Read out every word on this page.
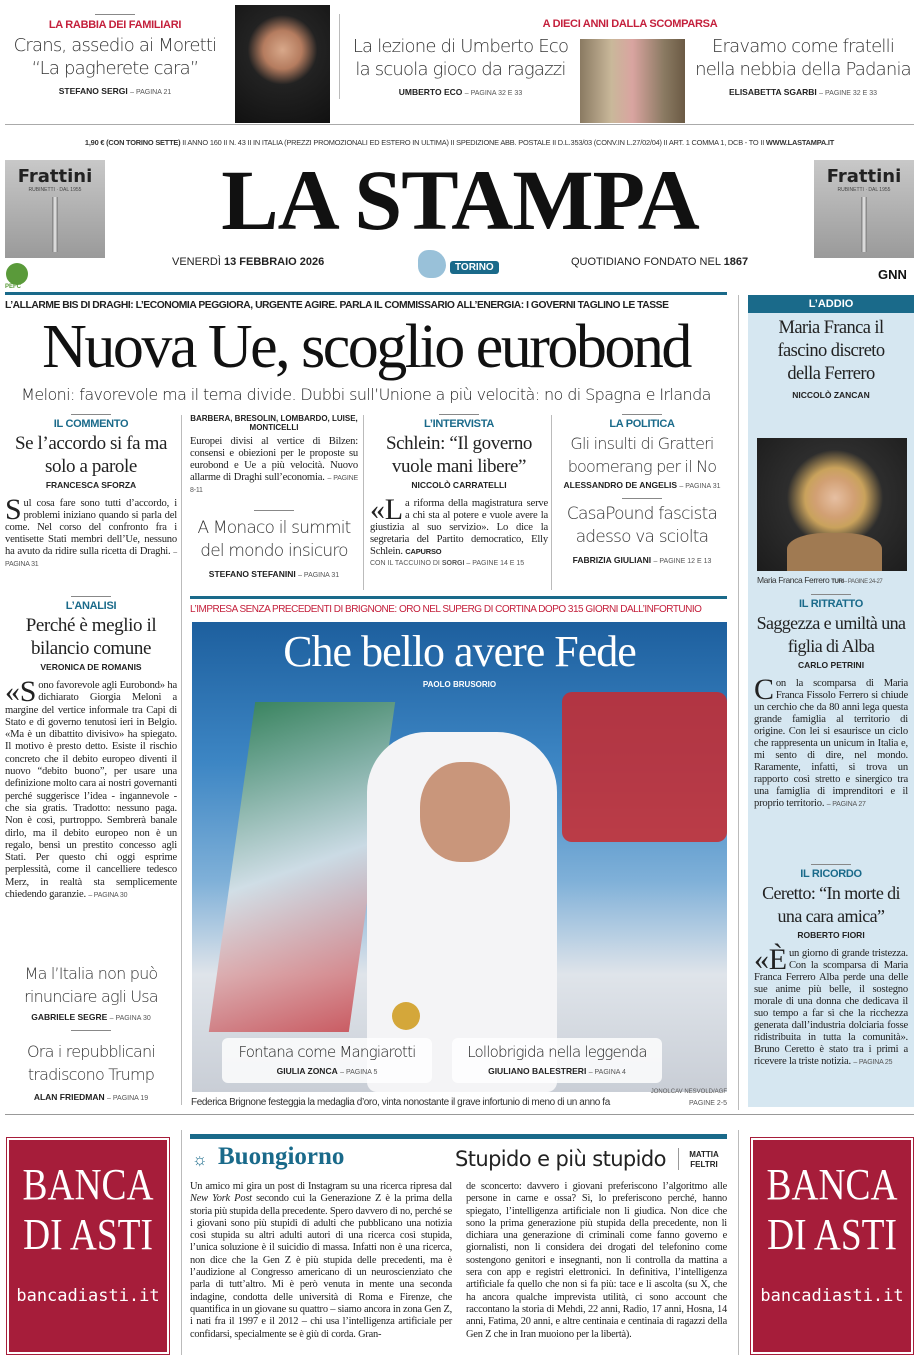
LA RABBIA DEI FAMILIARI
Crans, assedio ai Moretti
“La pagherete cara”
STEFANO SERGI – PAGINA 21
A DIECI ANNI DALLA SCOMPARSA
La lezione di Umberto Eco
la scuola gioco da ragazzi
UMBERTO ECO – PAGINA 32 E 33
Eravamo come fratelli
nella nebbia della Padania
ELISABETTA SGARBI – PAGINE 32 E 33
1,90 € (CON TORINO SETTE) II ANNO 160 II N. 43 II IN ITALIA (PREZZI PROMOZIONALI ED ESTERO IN ULTIMA) II SPEDIZIONE ABB. POSTALE II D.L.353/03 (CONV.IN L.27/02/04) II ART. 1 COMMA 1, DCB - TO II WWW.LASTAMPA.IT
Frattini
RUBINETTI · DAL 1955
Frattini
RUBINETTI · DAL 1955
LA STAMPA
VENERDÌ 13 FEBBRAIO 2026	TORINO	QUOTIDIANO FONDATO NEL 1867
PEFC
GNN
L’ALLARME BIS DI DRAGHI: L’ECONOMIA PEGGIORA, URGENTE AGIRE. PARLA IL COMMISSARIO ALL’ENERGIA: I GOVERNI TAGLINO LE TASSE
Nuova Ue, scoglio eurobond
Meloni: favorevole ma il tema divide. Dubbi sull’Unione a più velocità: no di Spagna e Irlanda
IL COMMENTO
Se l’accordo si fa ma solo a parole
FRANCESCA SFORZA
Sul cosa fare sono tutti d’accordo, i problemi iniziano quando si parla del come. Nel corso del confronto fra i ventisette Stati membri dell’Ue, nessuno ha avuto da ridire sulla ricetta di Draghi. – PAGINA 31
BARBERA, BRESOLIN, LOMBARDO, LUISE, MONTICELLI
Europei divisi al vertice di Bilzen: consensi e obiezioni per le proposte su eurobond e Ue a più velocità. Nuovo allarme di Draghi sull’economia. – PAGINE 8-11
A Monaco il summit del mondo insicuro
STEFANO STEFANINI – PAGINA 31
L’INTERVISTA
Schlein: “Il governo vuole mani libere”
NICCOLÒ CARRATELLI
«La riforma della magistratura serve a chi sta al potere e vuole avere la giustizia al suo servizio». Lo dice la segretaria del Partito democratico, Elly Schlein. CAPURSO
CON IL TACCUINO DI SORGI – PAGINE 14 E 15
LA POLITICA
Gli insulti di Gratteri boomerang per il No
ALESSANDRO DE ANGELIS – PAGINA 31
CasaPound fascista adesso va sciolta
FABRIZIA GIULIANI – PAGINE 12 E 13
L’ANALISI
Perché è meglio il bilancio comune
VERONICA DE ROMANIS
«Sono favorevole agli Eurobond» ha dichiarato Giorgia Meloni a margine del vertice informale tra Capi di Stato e di governo tenutosi ieri in Belgio. «Ma è un dibattito divisivo» ha spiegato. Il motivo è presto detto. Esiste il rischio concreto che il debito europeo diventi il nuovo “debito buono”, per usare una definizione molto cara ai nostri governanti perché suggerisce l’idea - ingannevole - che sia gratis. Tradotto: nessuno paga. Non è così, purtroppo. Sembrerà banale dirlo, ma il debito europeo non è un regalo, bensì un prestito concesso agli Stati. Per questo chi oggi esprime perplessità, come il cancelliere tedesco Merz, in realtà sta semplicemente chiedendo garanzie. – PAGINA 30
Ma l’Italia non può rinunciare agli Usa
GABRIELE SEGRE – PAGINA 30
Ora i repubblicani tradiscono Trump
ALAN FRIEDMAN – PAGINA 19
L’IMPRESA SENZA PRECEDENTI DI BRIGNONE: ORO NEL SUPERG DI CORTINA DOPO 315 GIORNI DALL’INFORTUNIO
Che bello avere Fede
PAOLO BRUSORIO
Fontana come Mangiarotti
GIULIA ZONCA – PAGINA 5
Lollobrigida nella leggenda
GIULIANO BALESTRERI – PAGINA 4
JONOLCAV NESVOLD/AGF
Federica Brignone festeggia la medaglia d’oro, vinta nonostante il grave infortunio di meno di un anno fa	PAGINE 2-5
L’ADDIO
Maria Franca il fascino discreto della Ferrero
NICCOLÒ ZANCAN
Maria Franca Ferrero TURI– PAGINE 24-27
IL RITRATTO
Saggezza e umiltà una figlia di Alba
CARLO PETRINI
Con la scomparsa di Maria Franca Fissolo Ferrero si chiude un cerchio che da 80 anni lega questa grande famiglia al territorio di origine. Con lei si esaurisce un ciclo che rappresenta un unicum in Italia e, mi sento di dire, nel mondo. Raramente, infatti, si trova un rapporto così stretto e sinergico tra una famiglia di imprenditori e il proprio territorio. – PAGINA 27
IL RICORDO
Ceretto: “In morte di una cara amica”
ROBERTO FIORI
«Èun giorno di grande tristezza. Con la scomparsa di Maria Franca Ferrero Alba perde una delle sue anime più belle, il sostegno morale di una donna che dedicava il suo tempo a far sì che la ricchezza generata dall’industria dolciaria fosse ridistribuita in tutta la comunità». Bruno Ceretto è stato tra i primi a ricevere la triste notizia. – PAGINA 25
BANCA
DI ASTI
bancadiasti.it
BANCA
DI ASTI
bancadiasti.it
☼ Buongiorno	Stupido e più stupido	MATTIA
FELTRI
Un amico mi gira un post di Instagram su una ricerca ripresa dal New York Post secondo cui la Generazione Z è la prima della storia più stupida della precedente. Spero davvero di no, perché se i giovani sono più stupidi di adulti che pubblicano una notizia così stupida su altri adulti autori di una ricerca così stupida, l’unica soluzione è il suicidio di massa. Infatti non è una ricerca, non dice che la Gen Z è più stupida delle precedenti, ma è l’audizione al Congresso americano di un neuroscienziato che parla di tutt’altro. Mi è però venuta in mente una seconda indagine, condotta delle università di Roma e Firenze, che quantifica in un giovane su quattro – siamo ancora in zona Gen Z, i nati fra il 1997 e il 2012 – chi usa l’intelligenza artificiale per confidarsi, specialmente se è giù di corda. Gran-
de sconcerto: davvero i giovani preferiscono l’algoritmo alle persone in carne e ossa? Sì, lo preferiscono perché, hanno spiegato, l’intelligenza artificiale non li giudica. Non dice che sono la prima generazione più stupida della precedente, non li dichiara una generazione di criminali come fanno governo e giornalisti, non li considera dei drogati del telefonino come sostengono genitori e insegnanti, non li controlla da mattina a sera con app e registri elettronici. In definitiva, l’intelligenza artificiale fa quello che non si fa più: tace e li ascolta (su X, che ha ancora qualche imprevista utilità, ci sono account che raccontano la storia di Mehdi, 22 anni, Radio, 17 anni, Hosna, 14 anni, Fatima, 20 anni, e altre centinaia e centinaia di ragazzi della Gen Z che in Iran muoiono per la libertà).
